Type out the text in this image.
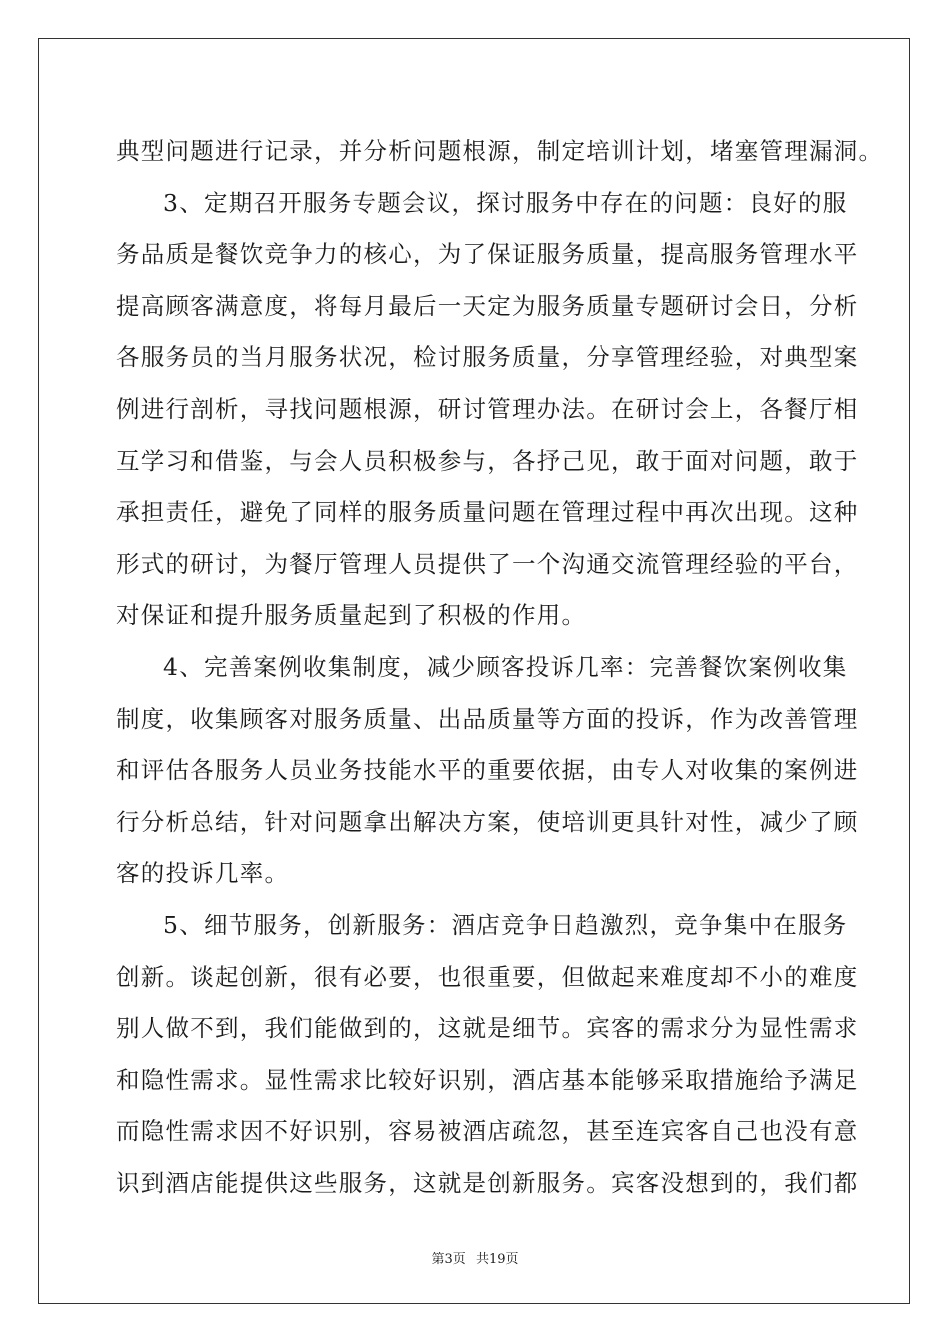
典型问题进行记录，并分析问题根源，制定培训计划，堵塞管理漏洞。
3、定期召开服务专题会议，探讨服务中存在的问题：良好的服
务品质是餐饮竞争力的核心，为了保证服务质量，提高服务管理水平
提高顾客满意度，将每月最后一天定为服务质量专题研讨会日，分析
各服务员的当月服务状况，检讨服务质量，分享管理经验，对典型案
例进行剖析，寻找问题根源，研讨管理办法。在研讨会上，各餐厅相
互学习和借鉴，与会人员积极参与，各抒己见，敢于面对问题，敢于
承担责任，避免了同样的服务质量问题在管理过程中再次出现。这种
形式的研讨，为餐厅管理人员提供了一个沟通交流管理经验的平台，
对保证和提升服务质量起到了积极的作用。
4、完善案例收集制度，减少顾客投诉几率：完善餐饮案例收集
制度，收集顾客对服务质量、出品质量等方面的投诉，作为改善管理
和评估各服务人员业务技能水平的重要依据，由专人对收集的案例进
行分析总结，针对问题拿出解决方案，使培训更具针对性，减少了顾
客的投诉几率。
5、细节服务，创新服务：酒店竞争日趋激烈，竞争集中在服务
创新。谈起创新，很有必要，也很重要，但做起来难度却不小的难度
别人做不到，我们能做到的，这就是细节。宾客的需求分为显性需求
和隐性需求。显性需求比较好识别，酒店基本能够采取措施给予满足
而隐性需求因不好识别，容易被酒店疏忽，甚至连宾客自己也没有意
识到酒店能提供这些服务，这就是创新服务。宾客没想到的，我们都
第3页 共19页
